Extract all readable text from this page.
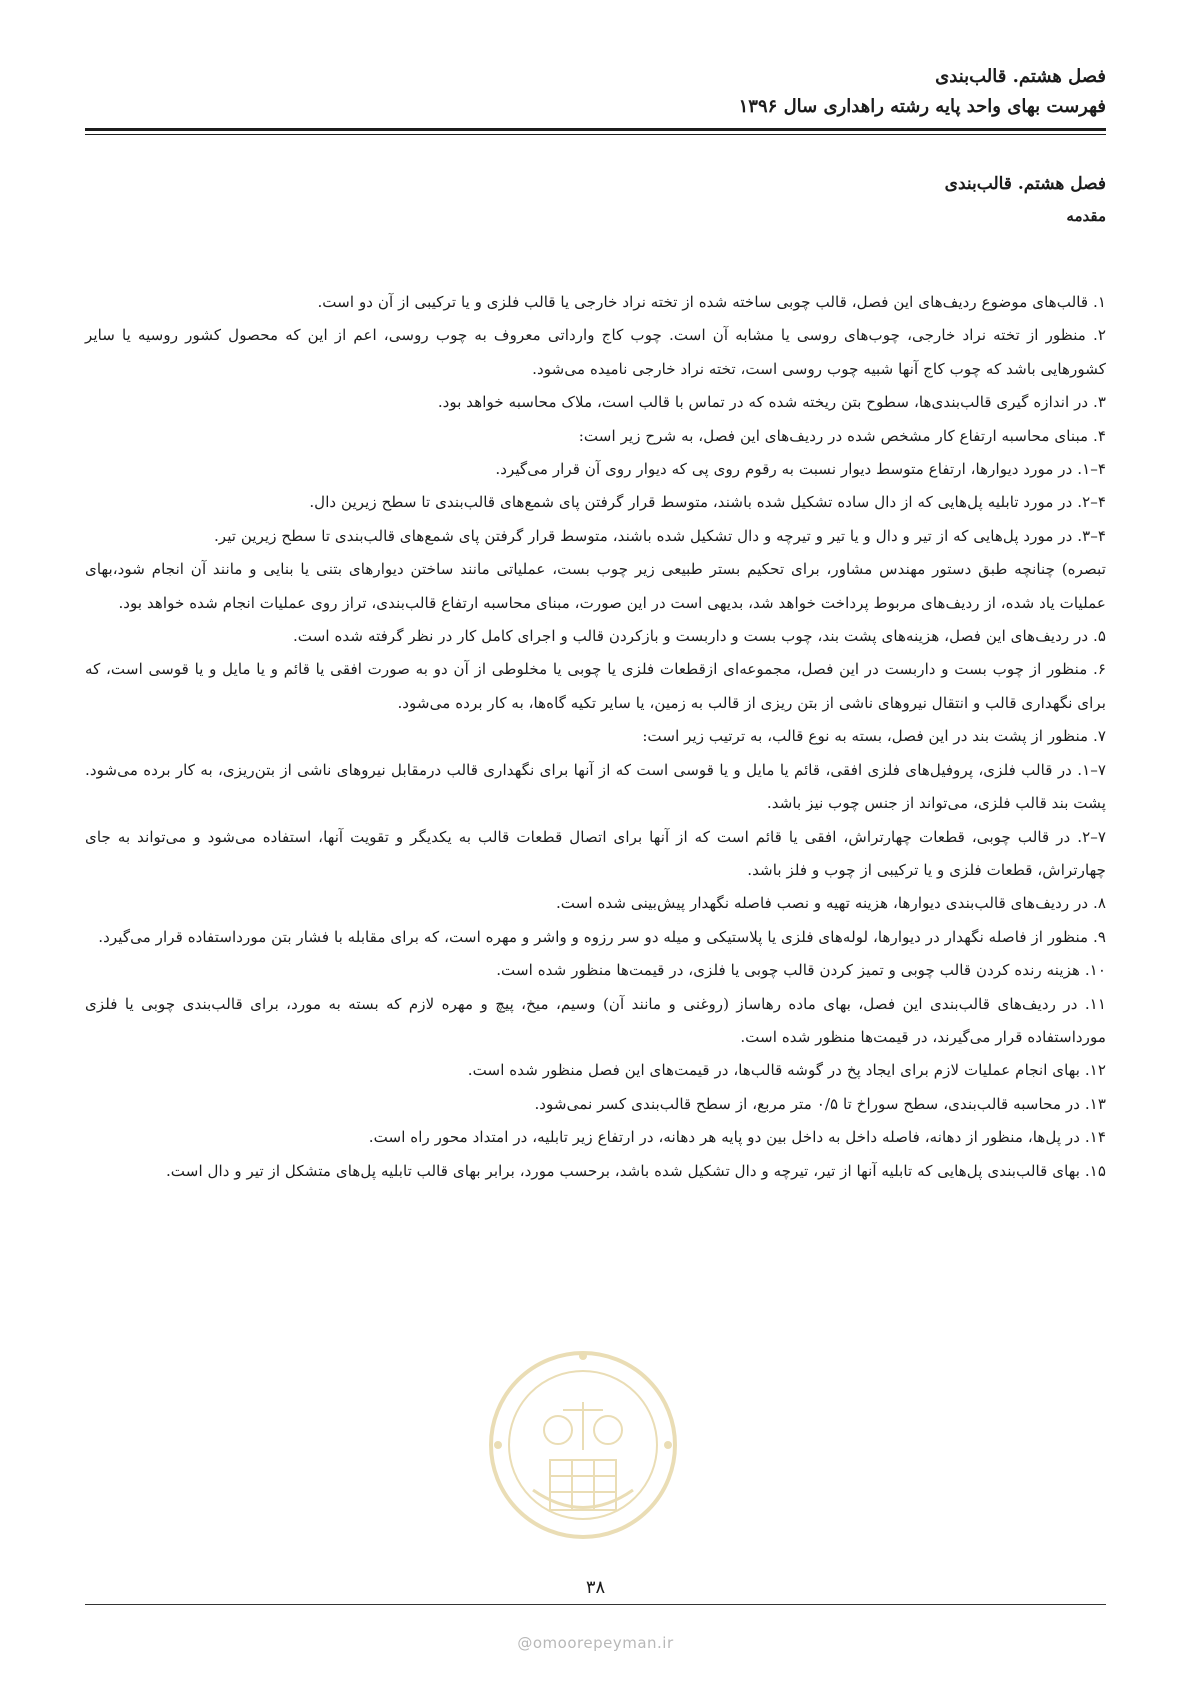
فصل هشتم. قالب‌بندی
فهرست بهای واحد پایه رشته راهداری سال ۱۳۹۶
فصل هشتم. قالب‌بندی
مقدمه

۱. قالب‌های موضوع ردیف‌های این فصل، قالب چوبی ساخته شده از تخته نراد خارجی یا قالب فلزی و یا ترکیبی از آن دو است.

۲. منظور از تخته نراد خارجی، چوب‌های روسی یا مشابه آن است. چوب کاج وارداتی معروف به چوب روسی، اعم از این که محصول کشور روسیه یا سایر کشورهایی باشد که چوب کاج آنها شبیه چوب روسی است، تخته نراد خارجی نامیده می‌شود.

۳. در اندازه گیری قالب‌بندی‌ها، سطوح بتن ریخته شده که در تماس با قالب است، ملاک محاسبه خواهد بود.

۴. مبنای محاسبه ارتفاع کار مشخص شده در ردیف‌های این فصل، به شرح زیر است:

۴–۱. در مورد دیوارها، ارتفاع متوسط دیوار نسبت به رقوم روی پی که دیوار روی آن قرار می‌گیرد.

۴–۲. در مورد تابلیه پل‌هایی که از دال ساده تشکیل شده باشند، متوسط قرار گرفتن پای شمع‌های قالب‌بندی تا سطح زیرین دال.

۴–۳. در مورد پل‌هایی که از تیر و دال و یا تیر و تیرچه و دال تشکیل شده باشند، متوسط قرار گرفتن پای شمع‌های قالب‌بندی تا سطح زیرین تیر.

تبصره) چنانچه طبق دستور مهندس مشاور، برای تحکیم بستر طبیعی زیر چوب بست، عملیاتی مانند ساختن دیوارهای بتنی یا بنایی و مانند آن انجام شود،بهای عملیات یاد شده، از ردیف‌های مربوط پرداخت خواهد شد، بدیهی است در این صورت، مبنای محاسبه ارتفاع قالب‌بندی، تراز روی عملیات انجام شده خواهد بود.

۵. در ردیف‌های این فصل، هزینه‌های پشت بند، چوب بست و داربست و بازکردن قالب و اجرای کامل کار در نظر گرفته شده است.

۶. منظور از چوب بست و داربست در این فصل، مجموعه‌ای ازقطعات فلزی یا چوبی یا مخلوطی از آن دو به صورت افقی یا قائم و یا مایل و یا قوسی است، که برای نگهداری قالب و انتقال نیروهای ناشی از بتن ریزی از قالب به زمین، یا سایر تکیه گاه‌ها، به کار برده می‌شود.

۷. منظور از پشت بند در این فصل، بسته به نوع قالب، به ترتیب زیر است:

۷–۱. در قالب فلزی، پروفیل‌های فلزی افقی، قائم یا مایل و یا قوسی است که از آنها برای نگهداری قالب درمقابل نیروهای ناشی از بتن‌ریزی، به کار برده می‌شود. پشت بند قالب فلزی، می‌تواند از جنس چوب نیز باشد.

۷–۲. در قالب چوبی، قطعات چهارتراش، افقی یا قائم است که از آنها برای اتصال قطعات قالب به یکدیگر و تقویت آنها، استفاده می‌شود و می‌تواند به جای چهارتراش، قطعات فلزی و یا ترکیبی از چوب و فلز باشد.

۸. در ردیف‌های قالب‌بندی دیوارها، هزینه تهیه و نصب فاصله نگهدار پیش‌بینی شده است.

۹. منظور از فاصله نگهدار در دیوارها، لوله‌های فلزی یا پلاستیکی و میله دو سر رزوه و واشر و مهره است، که برای مقابله با فشار بتن مورداستفاده قرار می‌گیرد.

۱۰. هزینه رنده کردن قالب چوبی و تمیز کردن قالب چوبی یا فلزی، در قیمت‌ها منظور شده است.

۱۱. در ردیف‌های قالب‌بندی این فصل، بهای ماده رهاساز (روغنی و مانند آن) وسیم، میخ، پیچ و مهره لازم که بسته به مورد، برای قالب‌بندی چوبی یا فلزی مورداستفاده قرار می‌گیرند، در قیمت‌ها منظور شده است.

۱۲. بهای انجام عملیات لازم برای ایجاد پخ در گوشه قالب‌ها، در قیمت‌های این فصل منظور شده است.

۱۳. در محاسبه قالب‌بندی، سطح سوراخ تا ۰/۵ متر مربع، از سطح قالب‌بندی کسر نمی‌شود.

۱۴. در پل‌ها، منظور از دهانه، فاصله داخل به داخل بین دو پایه هر دهانه، در ارتفاع زیر تابلیه، در امتداد محور راه است.

۱۵. بهای قالب‌بندی پل‌هایی که تابلیه آنها از تیر، تیرچه و دال تشکیل شده باشد، برحسب مورد، برابر بهای قالب تابلیه پل‌های متشکل از تیر و دال است.

۳۸
@omoorepeyman.ir
